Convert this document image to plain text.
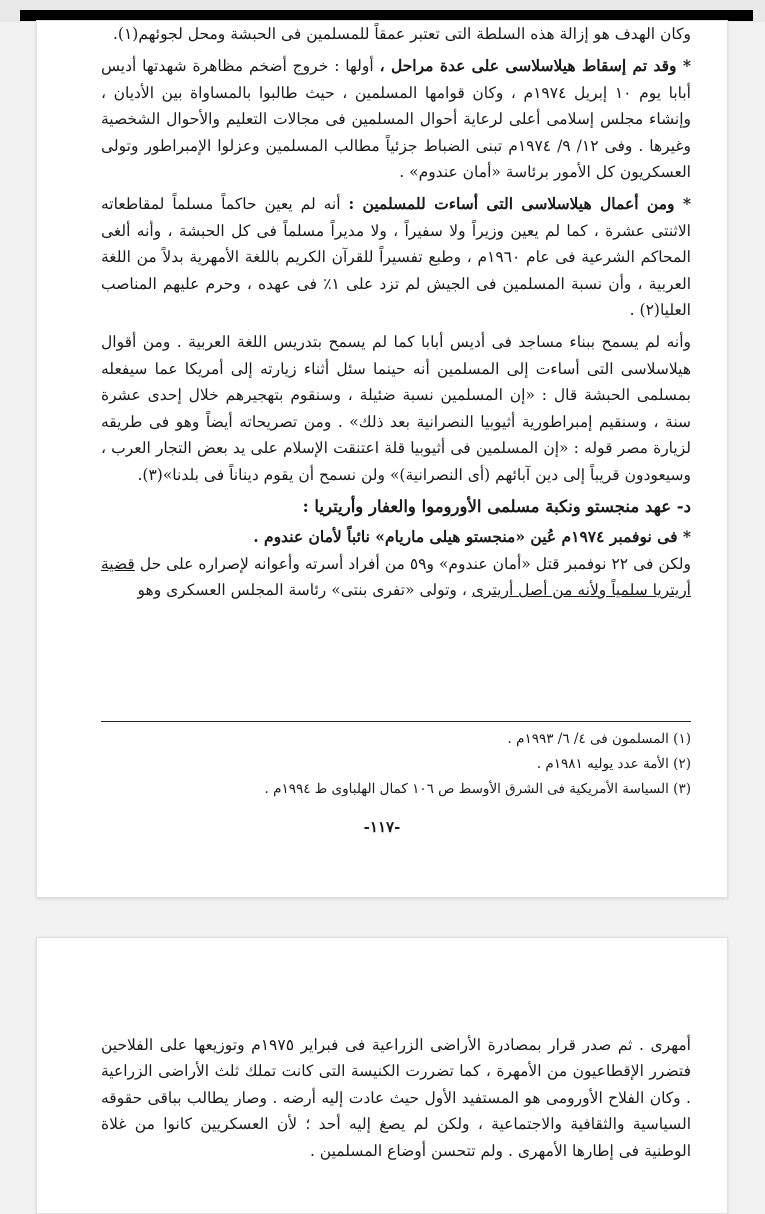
وكان الهدف هو إزالة هذه السلطة التى تعتبر عمقاً للمسلمين فى الحبشة ومحل لجوئهم(١).

* وقد تم إسقاط هيلاسلاسى على عدة مراحل ، أولها : خروج أضخم مظاهرة شهدتها أديس أبابا يوم ١٠ إبريل ١٩٧٤م ، وكان قوامها المسلمين ، حيث طالبوا بالمساواة بين الأديان ، وإنشاء مجلس إسلامى أعلى لرعاية أحوال المسلمين فى مجالات التعليم والأحوال الشخصية وغيرها . وفى ١٢/ ٩/ ١٩٧٤م تبنى الضباط جزئياً مطالب المسلمين وعزلوا الإمبراطور وتولى العسكريون كل الأمور برئاسة «أمان عندوم» .

* ومن أعمال هيلاسلاسى التى أساءت للمسلمين : أنه لم يعين حاكماً مسلماً لمقاطعاته الاثنتى عشرة ، كما لم يعين وزيراً ولا سفيراً ، ولا مديراً مسلماً فى كل الحبشة ، وأنه ألغى المحاكم الشرعية فى عام ١٩٦٠م ، وطبع تفسيراً للقرآن الكريم باللغة الأمهرية بدلاً من اللغة العربية ، وأن نسبة المسلمين فى الجيش لم تزد على ١٪ فى عهده ، وحرم عليهم المناصب العليا(٢) .

وأنه لم يسمح ببناء مساجد فى أديس أبابا كما لم يسمح بتدريس اللغة العربية . ومن أقوال هيلاسلاسى التى أساءت إلى المسلمين أنه حينما سئل أثناء زيارته إلى أمريكا عما سيفعله بمسلمى الحبشة قال : «إن المسلمين نسبة ضئيلة ، وسنقوم بتهجيرهم خلال إحدى عشرة سنة ، وسنقيم إمبراطورية أثيوبيا النصرانية بعد ذلك» . ومن تصريحاته أيضاً وهو فى طريقه لزيارة مصر قوله : «إن المسلمين فى أثيوبيا قلة اعتنقت الإسلام على يد بعض التجار العرب ، وسيعودون قريباً إلى دين آبائهم (أى النصرانية)» ولن نسمح أن يقوم ديناناً فى بلدنا»(٣).

د- عهد منجستو ونكبة مسلمى الأوروموا والعفار وأريتريا :

* فى نوفمبر ١٩٧٤م عُين «منجستو هيلى ماريام» نائباً لأمان عندوم .

ولكن فى ٢٢ نوفمبر قتل «أمان عندوم» و٥٩ من أفراد أسرته وأعوانه لإصراره على حل قضية أريتريا سلمياً ولأنه من أصل أريترى ، وتولى «تفرى بنتى» رئاسة المجلس العسكرى وهو

(١) المسلمون فى ٤/ ٦/ ١٩٩٣م .
(٢) الأمة عدد يوليه ١٩٨١م .
(٣) السياسة الأمريكية فى الشرق الأوسط ص ١٠٦ كمال الهلباوى ط ١٩٩٤م .
-١١٧-

أمهرى . ثم صدر قرار بمصادرة الأراضى الزراعية فى فبراير ١٩٧٥م وتوزيعها على الفلاحين فتضرر الإقطاعيون من الأمهرة ، كما تضررت الكنيسة التى كانت تملك ثلث الأراضى الزراعية . وكان الفلاح الأورومى هو المستفيد الأول حيث عادت إليه أرضه . وصار يطالب بباقى حقوقه السياسية والثقافية والاجتماعية ، ولكن لم يصغ إليه أحد ؛ لأن العسكريين كانوا من غلاة الوطنية فى إطارها الأمهرى . ولم تتحسن أوضاع المسلمين .
